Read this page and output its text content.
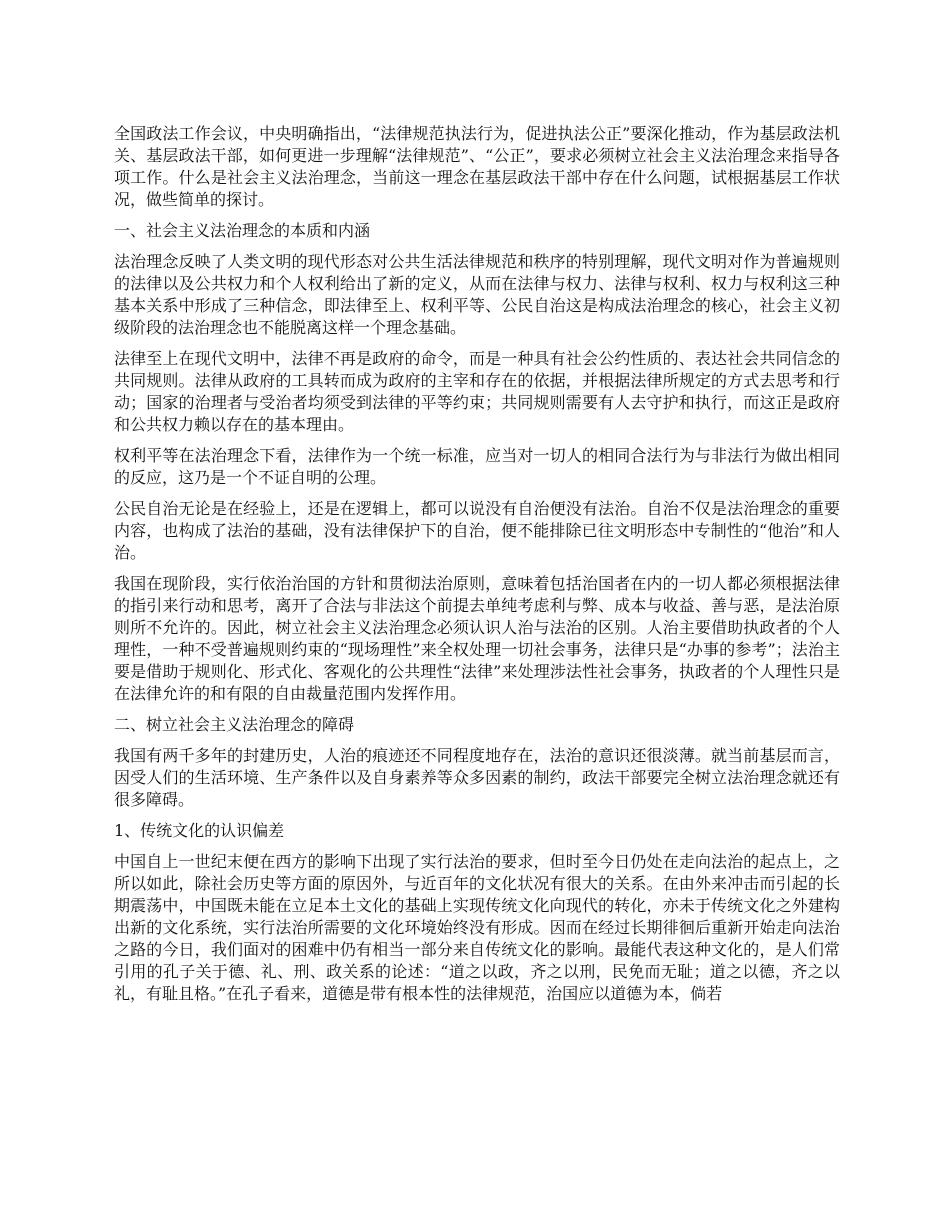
全国政法工作会议，中央明确指出，“法律规范执法行为，促进执法公正”要深化推动，作为基层政法机关、基层政法干部，如何更进一步理解“法律规范”、“公正”，要求必须树立社会主义法治理念来指导各项工作。什么是社会主义法治理念，当前这一理念在基层政法干部中存在什么问题，试根据基层工作状况，做些简单的探讨。

一、社会主义法治理念的本质和内涵

法治理念反映了人类文明的现代形态对公共生活法律规范和秩序的特别理解，现代文明对作为普遍规则的法律以及公共权力和个人权利给出了新的定义，从而在法律与权力、法律与权利、权力与权利这三种基本关系中形成了三种信念，即法律至上、权利平等、公民自治这是构成法治理念的核心，社会主义初级阶段的法治理念也不能脱离这样一个理念基础。

法律至上在现代文明中，法律不再是政府的命令，而是一种具有社会公约性质的、表达社会共同信念的共同规则。法律从政府的工具转而成为政府的主宰和存在的依据，并根据法律所规定的方式去思考和行动；国家的治理者与受治者均须受到法律的平等约束；共同规则需要有人去守护和执行，而这正是政府和公共权力赖以存在的基本理由。

权利平等在法治理念下看，法律作为一个统一标准，应当对一切人的相同合法行为与非法行为做出相同的反应，这乃是一个不证自明的公理。

公民自治无论是在经验上，还是在逻辑上，都可以说没有自治便没有法治。自治不仅是法治理念的重要内容，也构成了法治的基础，没有法律保护下的自治，便不能排除已往文明形态中专制性的“他治”和人治。

我国在现阶段，实行依治治国的方针和贯彻法治原则，意味着包括治国者在内的一切人都必须根据法律的指引来行动和思考，离开了合法与非法这个前提去单纯考虑利与弊、成本与收益、善与恶，是法治原则所不允许的。因此，树立社会主义法治理念必须认识人治与法治的区别。人治主要借助执政者的个人理性，一种不受普遍规则约束的“现场理性”来全权处理一切社会事务，法律只是“办事的参考”；法治主要是借助于规则化、形式化、客观化的公共理性“法律”来处理涉法性社会事务，执政者的个人理性只是在法律允许的和有限的自由裁量范围内发挥作用。

二、树立社会主义法治理念的障碍

我国有两千多年的封建历史，人治的痕迹还不同程度地存在，法治的意识还很淡薄。就当前基层而言，因受人们的生活环境、生产条件以及自身素养等众多因素的制约，政法干部要完全树立法治理念就还有很多障碍。

1、传统文化的认识偏差

中国自上一世纪末便在西方的影响下出现了实行法治的要求，但时至今日仍处在走向法治的起点上，之所以如此，除社会历史等方面的原因外，与近百年的文化状况有很大的关系。在由外来冲击而引起的长期震荡中，中国既未能在立足本土文化的基础上实现传统文化向现代的转化，亦未于传统文化之外建构出新的文化系统，实行法治所需要的文化环境始终没有形成。因而在经过长期徘徊后重新开始走向法治之路的今日，我们面对的困难中仍有相当一部分来自传统文化的影响。最能代表这种文化的，是人们常引用的孔子关于德、礼、刑、政关系的论述：“道之以政，齐之以刑，民免而无耻；道之以德，齐之以礼，有耻且格。”在孔子看来，道德是带有根本性的法律规范，治国应以道德为本，倘若
